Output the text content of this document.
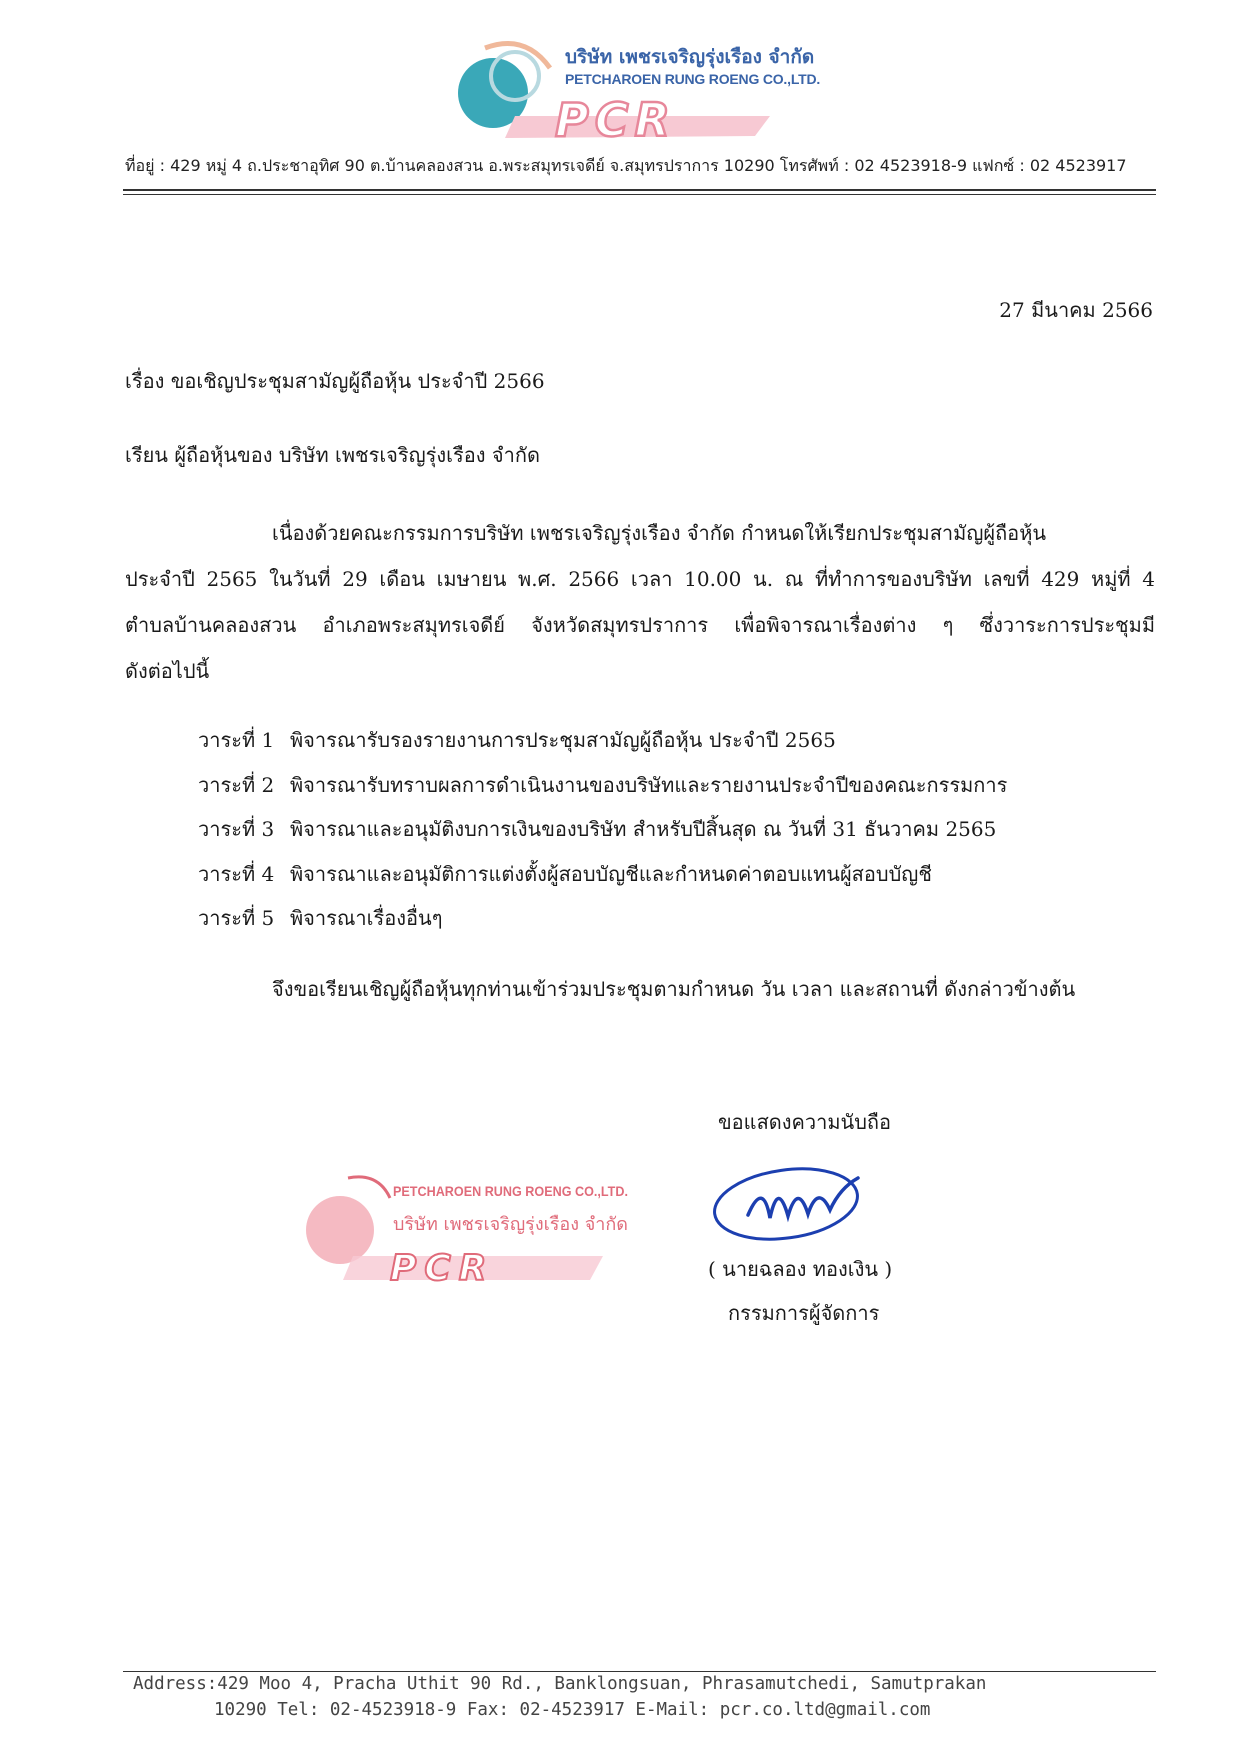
PCR
บริษัท เพชรเจริญรุ่งเรือง จำกัด
PETCHAROEN RUNG ROENG CO.,LTD.
ที่อยู่ : 429 หมู่ 4 ถ.ประชาอุทิศ 90 ต.บ้านคลองสวน อ.พระสมุทรเจดีย์ จ.สมุทรปราการ 10290 โทรศัพท์ : 02 4523918-9 แฟกซ์ : 02 4523917
27 มีนาคม 2566
เรื่อง ขอเชิญประชุมสามัญผู้ถือหุ้น ประจำปี 2566
เรียน ผู้ถือหุ้นของ บริษัท เพชรเจริญรุ่งเรือง จำกัด
เนื่องด้วยคณะกรรมการบริษัท เพชรเจริญรุ่งเรือง จำกัด กำหนดให้เรียกประชุมสามัญผู้ถือหุ้น
ประจำปี 2565 ในวันที่ 29 เดือน เมษายน พ.ศ. 2566 เวลา 10.00 น. ณ ที่ทำการของบริษัท เลขที่ 429 หมู่ที่ 4
ตำบลบ้านคลองสวน อำเภอพระสมุทรเจดีย์ จังหวัดสมุทรปราการ เพื่อพิจารณาเรื่องต่าง ๆ ซึ่งวาระการประชุมมี
ดังต่อไปนี้
วาระที่ 1 พิจารณารับรองรายงานการประชุมสามัญผู้ถือหุ้น ประจำปี 2565
วาระที่ 2 พิจารณารับทราบผลการดำเนินงานของบริษัทและรายงานประจำปีของคณะกรรมการ
วาระที่ 3 พิจารณาและอนุมัติงบการเงินของบริษัท สำหรับปีสิ้นสุด ณ วันที่ 31 ธันวาคม 2565
วาระที่ 4 พิจารณาและอนุมัติการแต่งตั้งผู้สอบบัญชีและกำหนดค่าตอบแทนผู้สอบบัญชี
วาระที่ 5 พิจารณาเรื่องอื่นๆ
จึงขอเรียนเชิญผู้ถือหุ้นทุกท่านเข้าร่วมประชุมตามกำหนด วัน เวลา และสถานที่ ดังกล่าวข้างต้น
ขอแสดงความนับถือ
PCR
PETCHAROEN RUNG ROENG CO.,LTD.
บริษัท เพชรเจริญรุ่งเรือง จำกัด
( นายฉลอง ทองเงิน )
กรรมการผู้จัดการ
Address:429 Moo 4, Pracha Uthit 90 Rd., Banklongsuan, Phrasamutchedi, Samutprakan
10290 Tel: 02-4523918-9 Fax: 02-4523917 E-Mail: pcr.co.ltd@gmail.com
